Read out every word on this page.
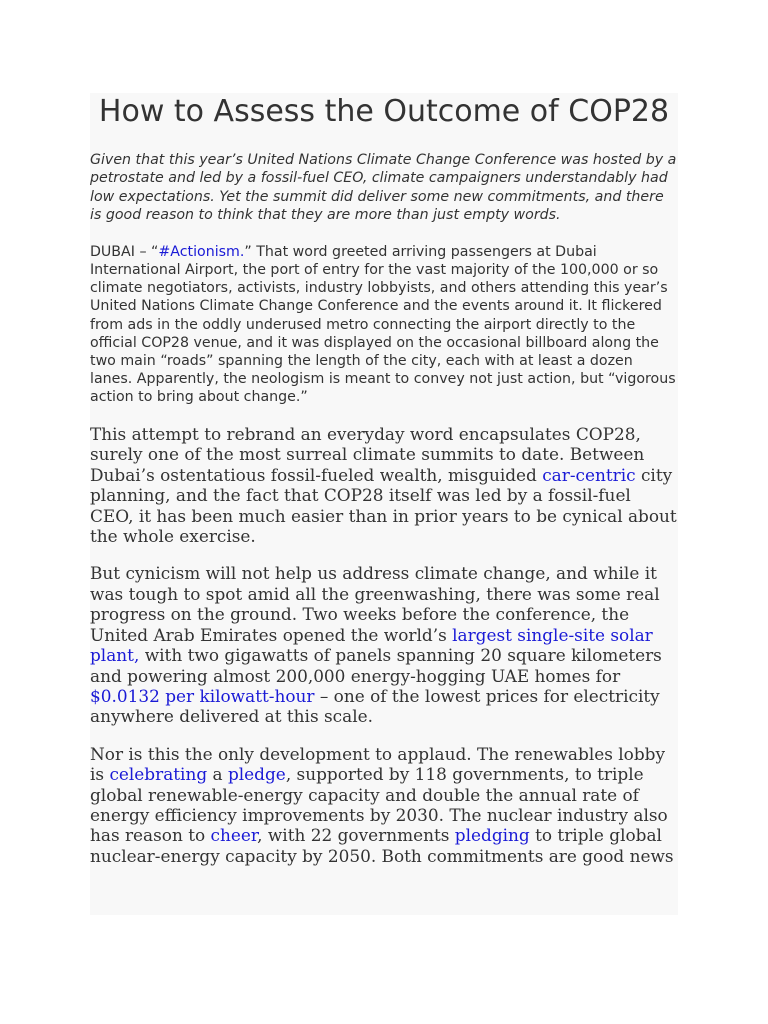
How to Assess the Outcome of COP28

Given that this year’s United Nations Climate Change Conference was hosted by a petrostate and led by a fossil-fuel CEO, climate campaigners understandably had low expectations. Yet the summit did deliver some new commitments, and there is good reason to think that they are more than just empty words.

DUBAI – “#Actionism.” That word greeted arriving passengers at Dubai International Airport, the port of entry for the vast majority of the 100,000 or so climate negotiators, activists, industry lobbyists, and others attending this year’s United Nations Climate Change Conference and the events around it. It flickered from ads in the oddly underused metro connecting the airport directly to the official COP28 venue, and it was displayed on the occasional billboard along the two main “roads” spanning the length of the city, each with at least a dozen lanes. Apparently, the neologism is meant to convey not just action, but “vigorous action to bring about change.”

This attempt to rebrand an everyday word encapsulates COP28, surely one of the most surreal climate summits to date. Between Dubai’s ostentatious fossil-fueled wealth, misguided car-centric city planning, and the fact that COP28 itself was led by a fossil-fuel CEO, it has been much easier than in prior years to be cynical about the whole exercise.

But cynicism will not help us address climate change, and while it was tough to spot amid all the greenwashing, there was some real progress on the ground. Two weeks before the conference, the United Arab Emirates opened the world’s largest single-site solar plant, with two gigawatts of panels spanning 20 square kilometers and powering almost 200,000 energy-hogging UAE homes for $0.0132 per kilowatt-hour – one of the lowest prices for electricity anywhere delivered at this scale.

Nor is this the only development to applaud. The renewables lobby is celebrating a pledge, supported by 118 governments, to triple global renewable-energy capacity and double the annual rate of energy efficiency improvements by 2030. The nuclear industry also has reason to cheer, with 22 governments pledging to triple global nuclear-energy capacity by 2050. Both commitments are good news
